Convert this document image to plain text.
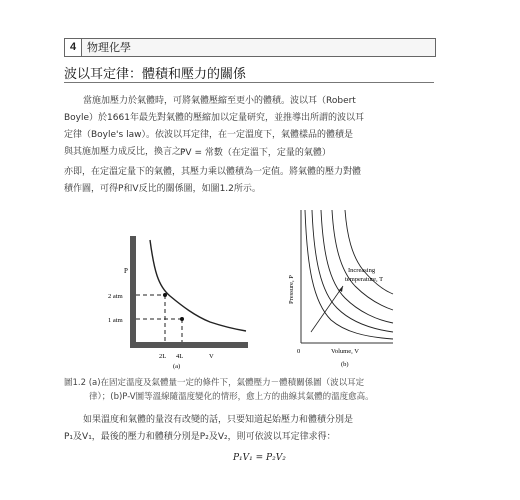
4 物理化學
波以耳定律：體積和壓力的關係
當施加壓力於氣體時，可將氣體壓縮至更小的體積。波以耳（Robert
Boyle）於1661年最先對氣體的壓縮加以定量研究，並推導出所謂的波以耳
定律（Boyle's law）。依波以耳定律，在一定溫度下，氣體樣品的體積是
與其施加壓力成反比，換言之：
PV = 常數（在定溫下，定量的氣體）
亦即，在定溫定量下的氣體，其壓力乘以體積為一定值。將氣體的壓力對體
積作圖，可得P和V反比的關係圖，如圖1.2所示。
P
2 atm
1 atm
2L 4L	V
(a)
Increasing
temperature, T
Pressure, P
0	Volume, V
(b)
圖1.2 (a)在固定溫度及氣體量一定的條件下，氣體壓力－體積關係圖（波以耳定
律）；(b)P-V圖等溫線隨溫度變化的情形，愈上方的曲線其氣體的溫度愈高。
如果溫度和氣體的量沒有改變的話，只要知道起始壓力和體積分別是
P₁及V₁，最後的壓力和體積分別是P₂及V₂，則可依波以耳定律求得：
P₁V₁ = P₂V₂
